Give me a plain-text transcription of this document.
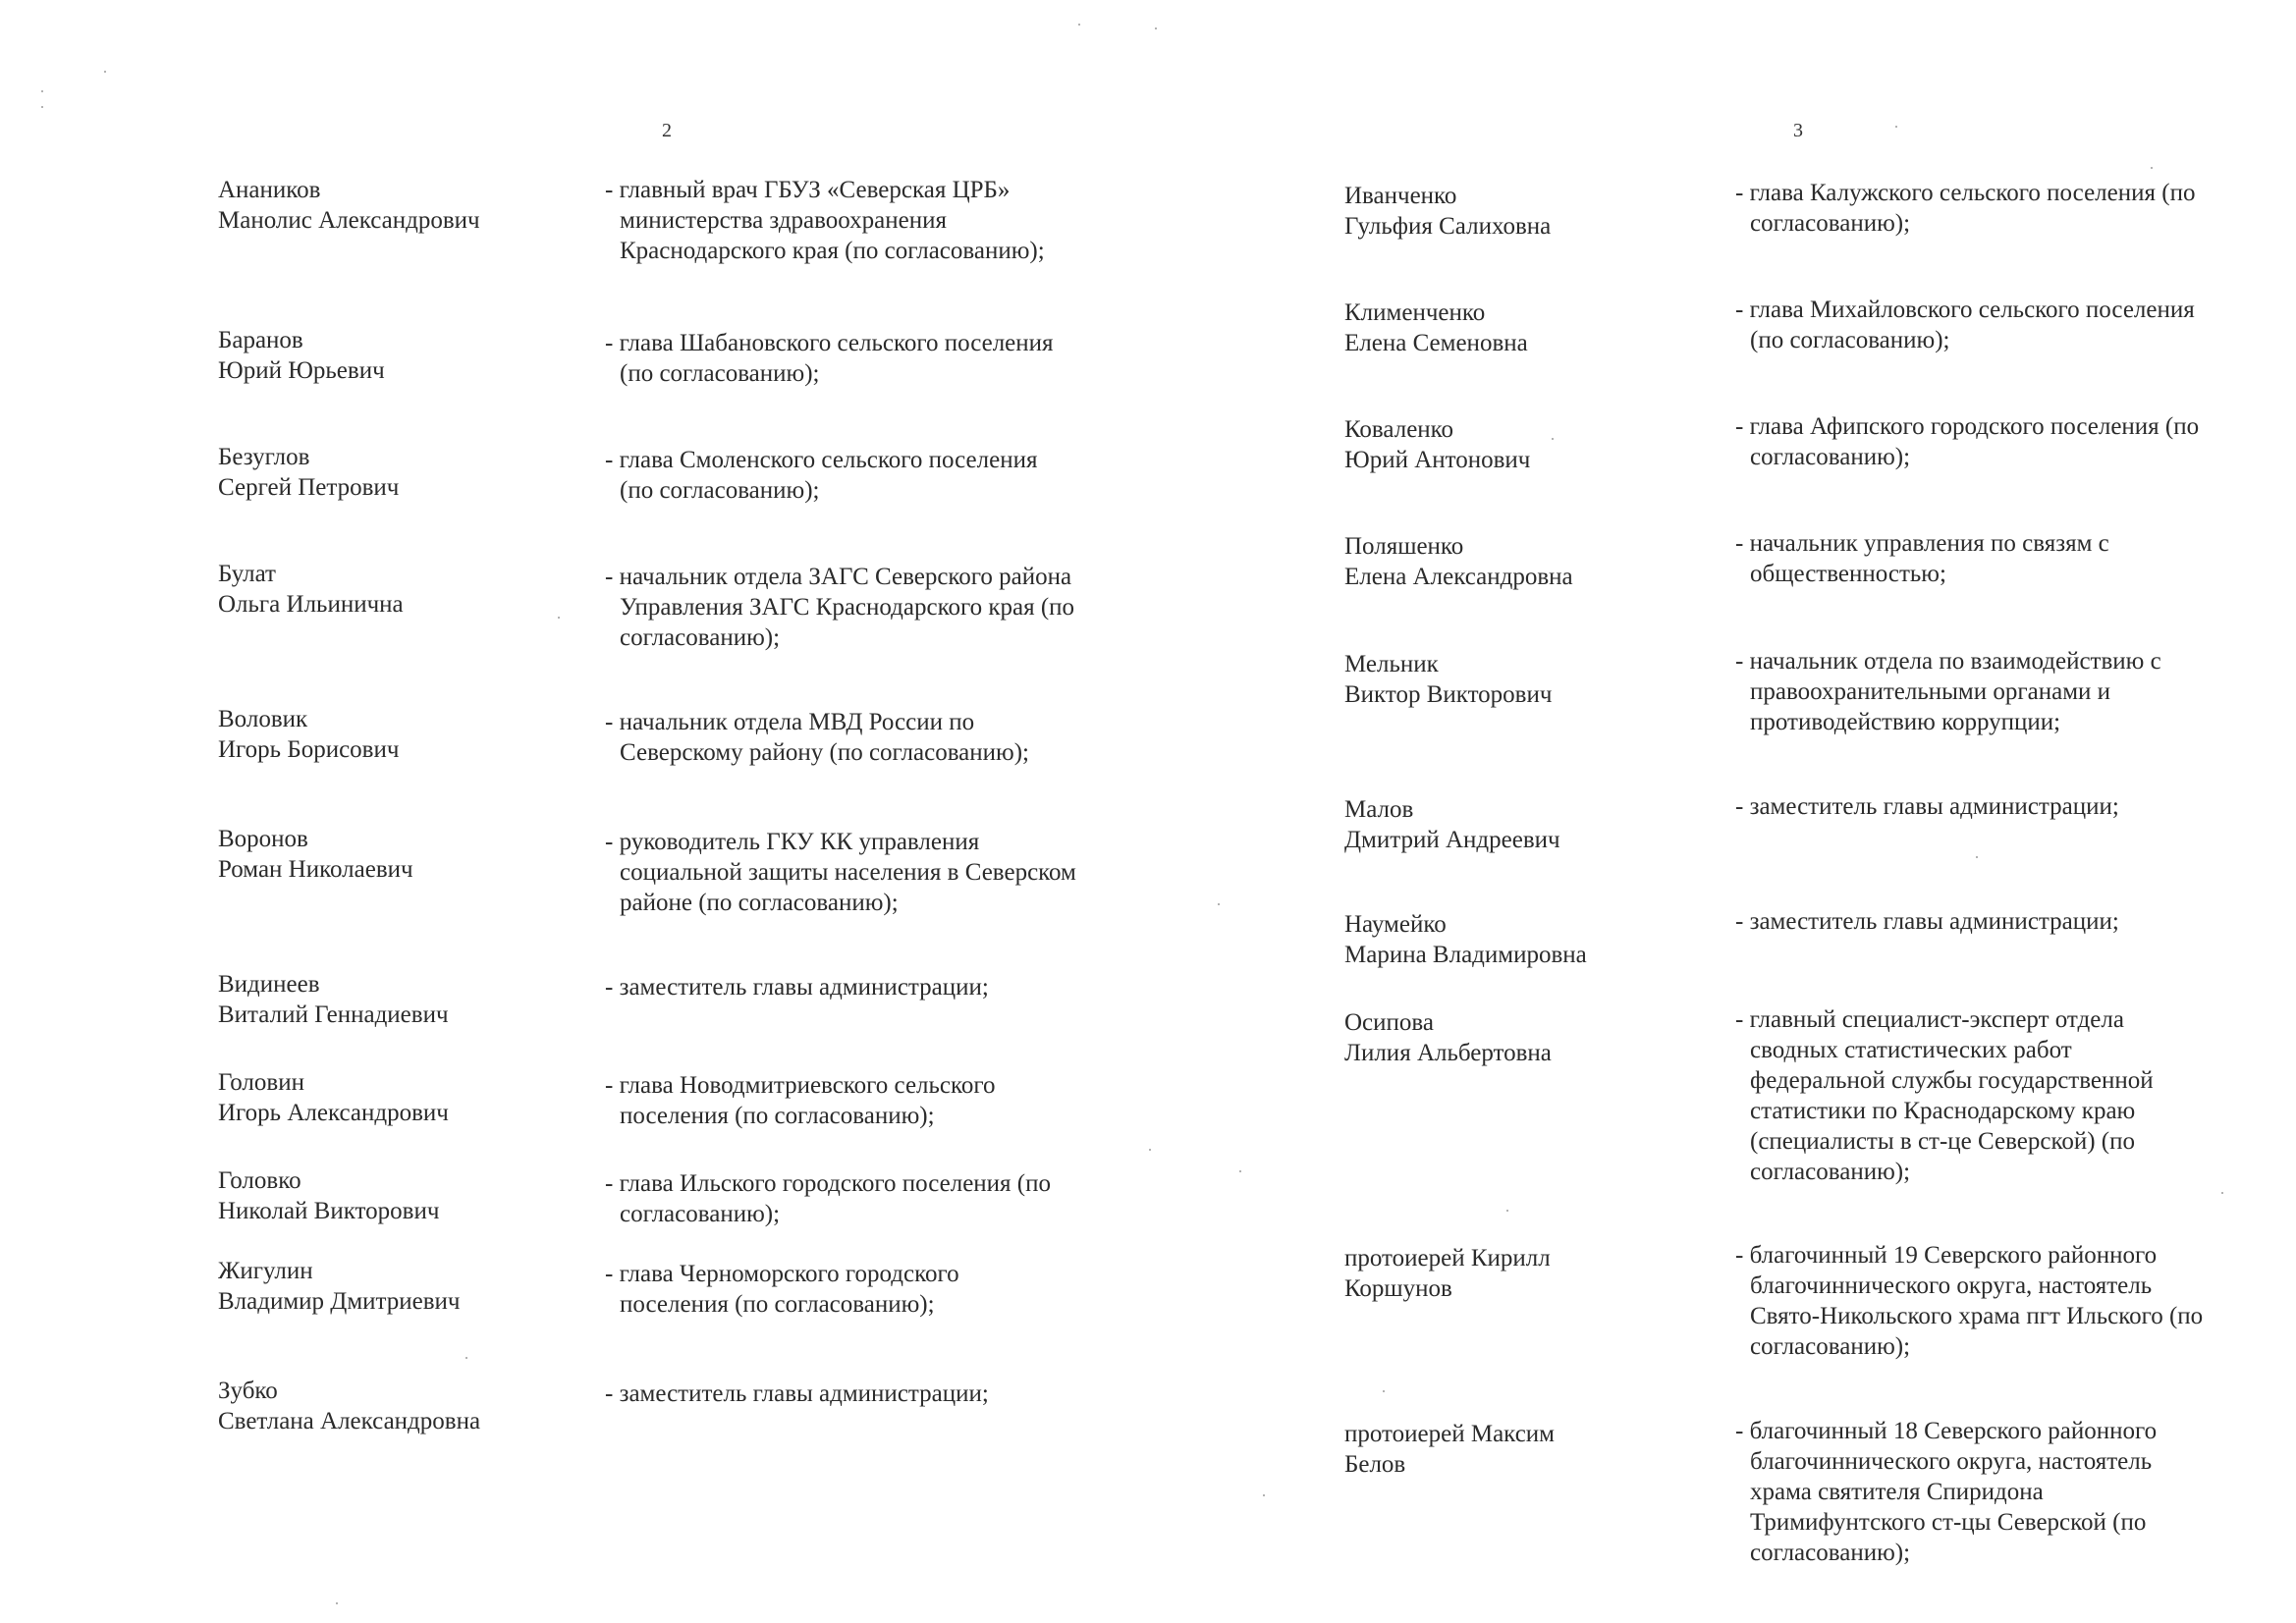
2
Анаников
Манолис Александрович
- главный врач ГБУЗ «Северская ЦРБ»
министерства здравоохранения
Краснодарского края (по согласованию);
Баранов
Юрий Юрьевич
- глава Шабановского сельского поселения
(по согласованию);
Безуглов
Сергей Петрович
- глава Смоленского сельского поселения
(по согласованию);
Булат
Ольга Ильинична
- начальник отдела ЗАГС Северского района
Управления ЗАГС Краснодарского края (по
согласованию);
Воловик
Игорь Борисович
- начальник отдела МВД России по
Северскому району (по согласованию);
Воронов
Роман Николаевич
- руководитель ГКУ КК управления
социальной защиты населения в Северском
районе (по согласованию);
Видинеев
Виталий Геннадиевич
- заместитель главы администрации;
Головин
Игорь Александрович
- глава Новодмитриевского сельского
поселения (по согласованию);
Головко
Николай Викторович
- глава Ильского городского поселения (по
согласованию);
Жигулин
Владимир Дмитриевич
- глава Черноморского городского
поселения (по согласованию);
Зубко
Светлана Александровна
- заместитель главы администрации;
3
Иванченко
Гульфия Салиховна
- глава Калужского сельского поселения (по
согласованию);
Клименченко
Елена Семеновна
- глава Михайловского сельского поселения
(по согласованию);
Коваленко
Юрий Антонович
- глава Афипского городского поселения (по
согласованию);
Поляшенко
Елена Александровна
- начальник управления по связям с
общественностью;
Мельник
Виктор Викторович
- начальник отдела по взаимодействию с
правоохранительными органами и
противодействию коррупции;
Малов
Дмитрий Андреевич
- заместитель главы администрации;
Наумейко
Марина Владимировна
- заместитель главы администрации;
Осипова
Лилия Альбертовна
- главный специалист-эксперт отдела
сводных статистических работ
федеральной службы государственной
статистики по Краснодарскому краю
(специалисты в ст-це Северской) (по
согласованию);
протоиерей Кирилл
Коршунов
- благочинный 19 Северского районного
благочиннического округа, настоятель
Свято-Никольского храма пгт Ильского (по
согласованию);
протоиерей Максим
Белов
- благочинный 18 Северского районного
благочиннического округа, настоятель
храма святителя Спиридона
Тримифунтского ст-цы Северской (по
согласованию);
